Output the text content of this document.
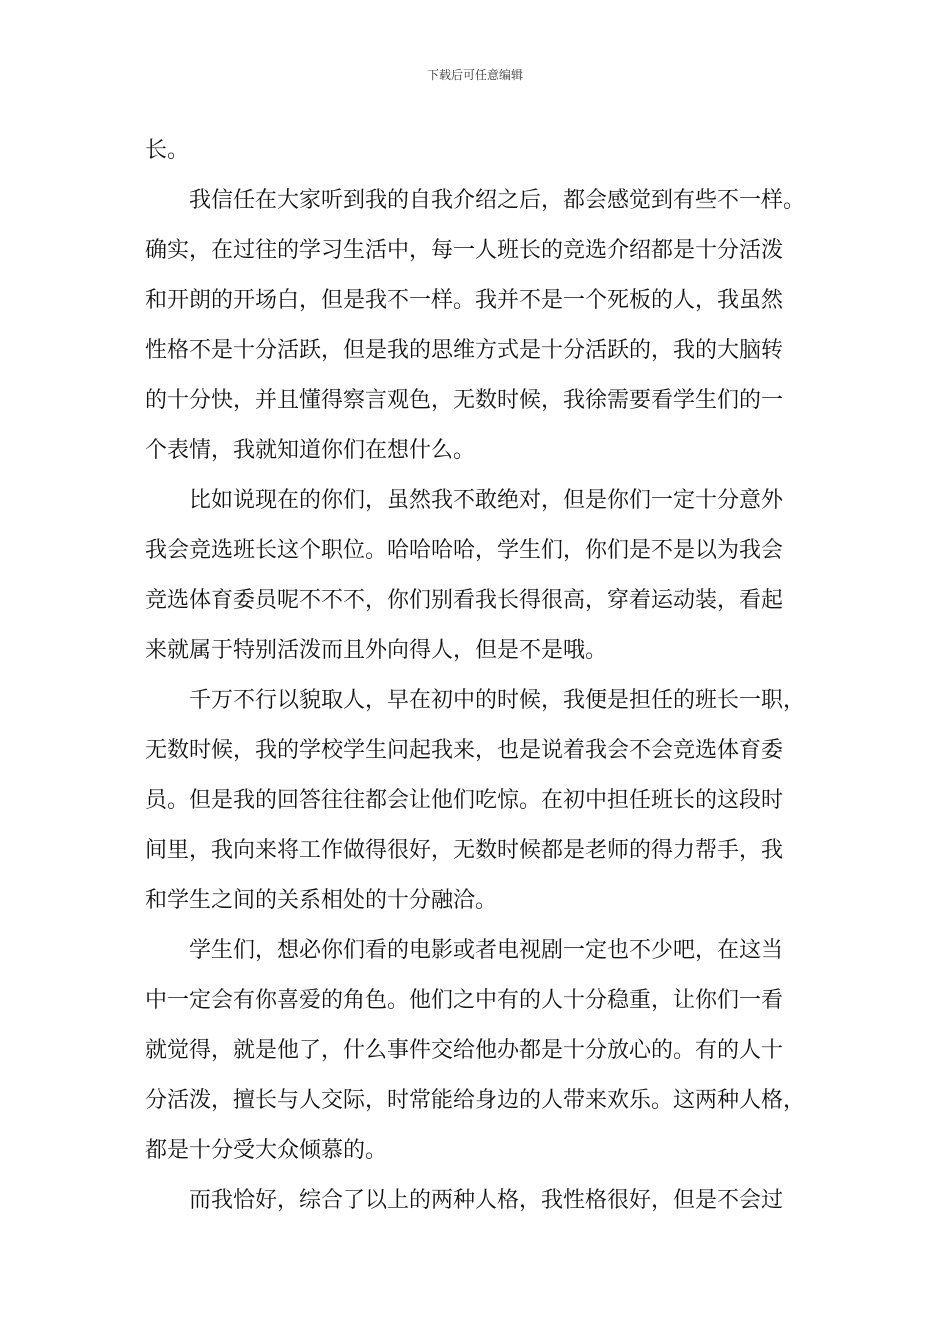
下载后可任意编辑
长。
我信任在大家听到我的自我介绍之后，都会感觉到有些不一样。
确实，在过往的学习生活中，每一人班长的竞选介绍都是十分活泼
和开朗的开场白，但是我不一样。我并不是一个死板的人，我虽然
性格不是十分活跃，但是我的思维方式是十分活跃的，我的大脑转
的十分快，并且懂得察言观色，无数时候，我徐需要看学生们的一
个表情，我就知道你们在想什么。
比如说现在的你们，虽然我不敢绝对，但是你们一定十分意外
我会竞选班长这个职位。哈哈哈哈，学生们，你们是不是以为我会
竞选体育委员呢不不不，你们别看我长得很高，穿着运动装，看起
来就属于特别活泼而且外向得人，但是不是哦。
千万不行以貌取人，早在初中的时候，我便是担任的班长一职，
无数时候，我的学校学生问起我来，也是说着我会不会竞选体育委
员。但是我的回答往往都会让他们吃惊。在初中担任班长的这段时
间里，我向来将工作做得很好，无数时候都是老师的得力帮手，我
和学生之间的关系相处的十分融洽。
学生们，想必你们看的电影或者电视剧一定也不少吧，在这当
中一定会有你喜爱的角色。他们之中有的人十分稳重，让你们一看
就觉得，就是他了，什么事件交给他办都是十分放心的。有的人十
分活泼，擅长与人交际，时常能给身边的人带来欢乐。这两种人格，
都是十分受大众倾慕的。
而我恰好，综合了以上的两种人格，我性格很好，但是不会过
